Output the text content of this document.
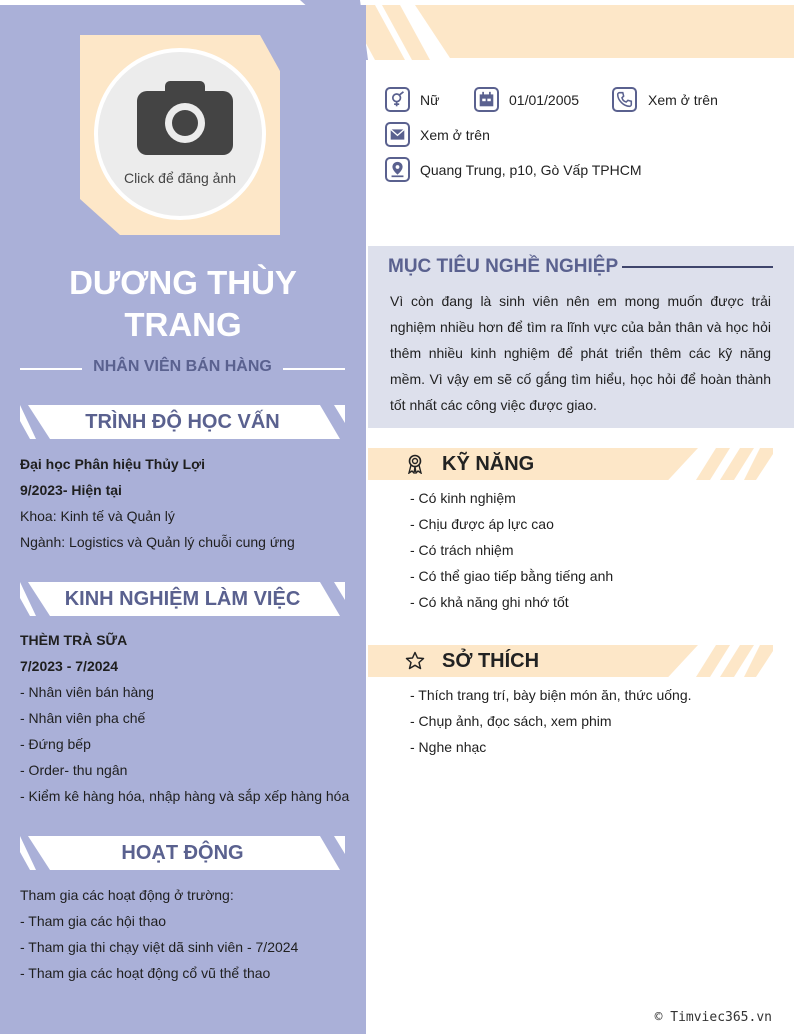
Click để đăng ảnh
DƯƠNG THÙY
TRANG
NHÂN VIÊN BÁN HÀNG
TRÌNH ĐỘ HỌC VẤN
Đại học Phân hiệu Thủy Lợi
9/2023- Hiện tại
Khoa: Kinh tế và Quản lý
Ngành: Logistics và Quản lý chuỗi cung ứng
KINH NGHIỆM LÀM VIỆC
THÈM TRÀ SỮA
7/2023 - 7/2024
- Nhân viên bán hàng
- Nhân viên pha chế
- Đứng bếp
- Order- thu ngân
- Kiểm kê hàng hóa, nhập hàng và sắp xếp hàng hóa
HOẠT ĐỘNG
Tham gia các hoạt động ở trường:
- Tham gia các hội thao
- Tham gia thi chạy việt dã sinh viên - 7/2024
- Tham gia các hoạt động cổ vũ thể thao
Nữ	01/01/2005	Xem ở trên
Xem ở trên
Quang Trung, p10, Gò Vấp TPHCM
MỤC TIÊU NGHỀ NGHIỆP
Vì còn đang là sinh viên nên em mong muốn được trải nghiệm nhiều hơn để tìm ra lĩnh vực của bản thân và học hỏi thêm nhiều kinh nghiệm để phát triển thêm các kỹ năng mềm. Vì vậy em sẽ cố gắng tìm hiểu, học hỏi để hoàn thành tốt nhất các công việc được giao.
KỸ NĂNG
- Có kinh nghiệm
- Chịu được áp lực cao
- Có trách nhiệm
- Có thể giao tiếp bằng tiếng anh
- Có khả năng ghi nhớ tốt
SỞ THÍCH
- Thích trang trí, bày biện món ăn, thức uống.
- Chụp ảnh, đọc sách, xem phim
- Nghe nhạc
© Timviec365.vn
